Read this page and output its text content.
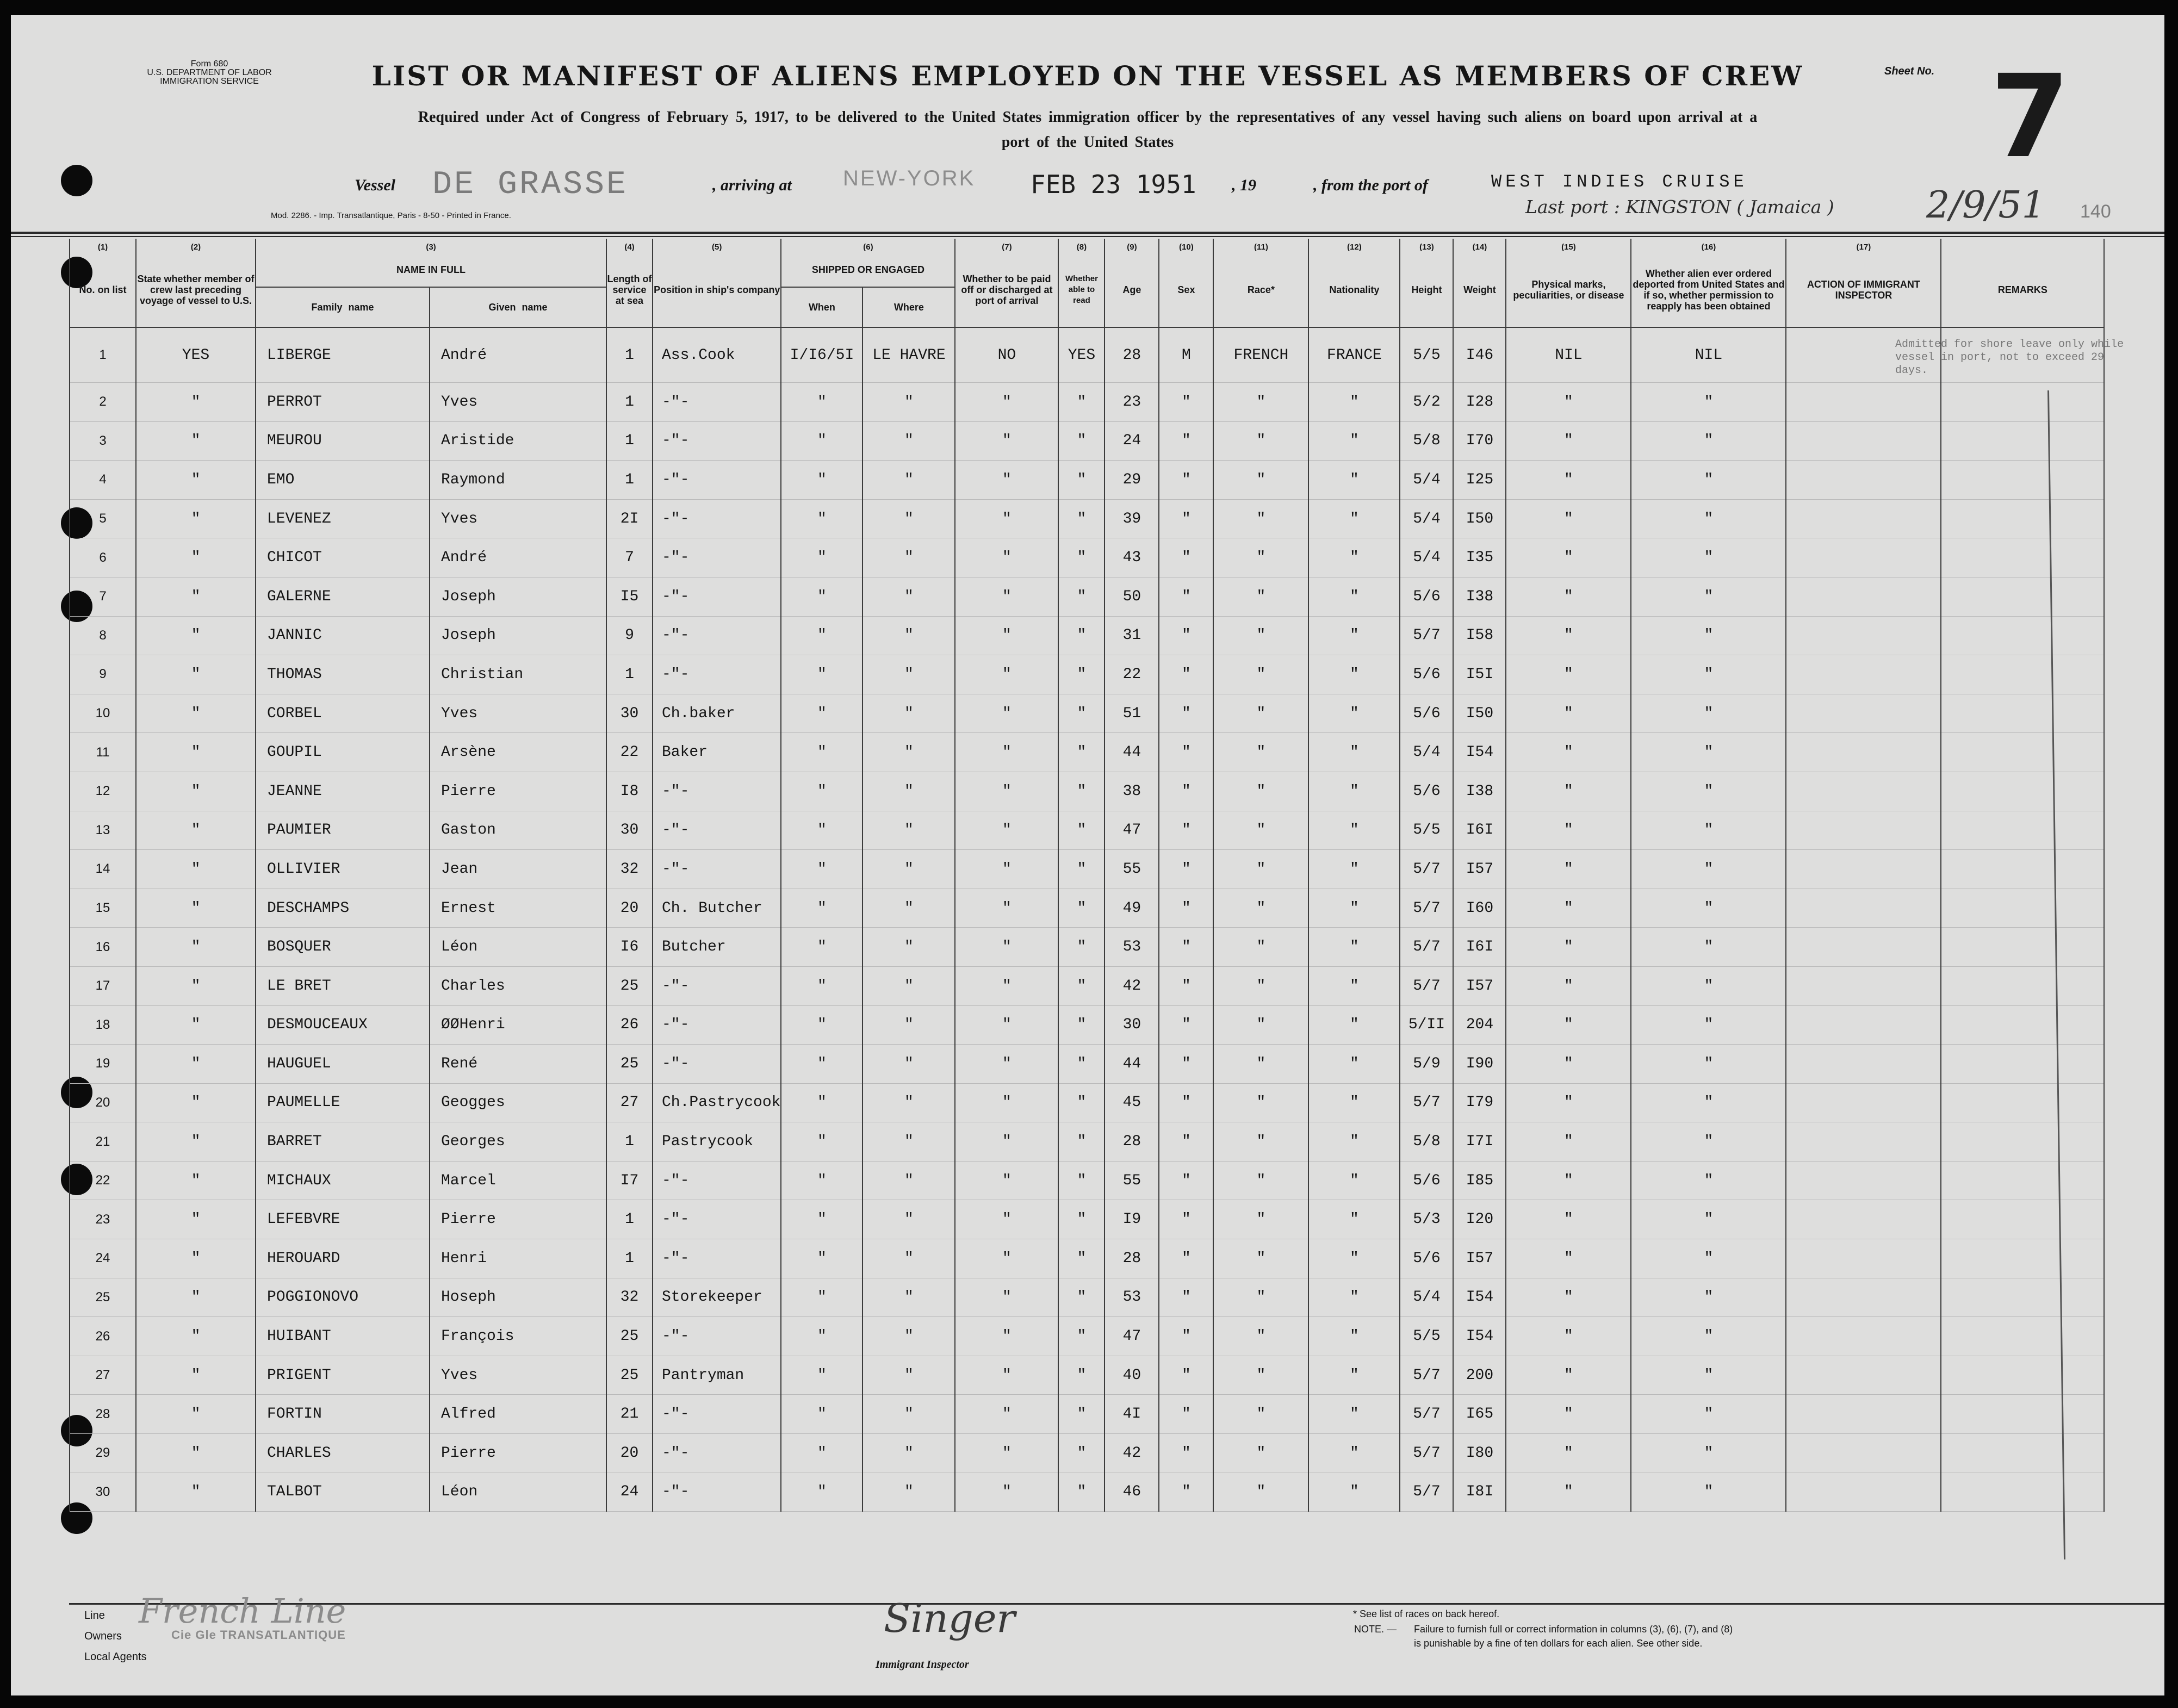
Form 680
U.S. DEPARTMENT OF LABOR
IMMIGRATION SERVICE	LIST OR MANIFEST OF ALIENS EMPLOYED ON THE VESSEL AS MEMBERS OF CREW
Required under Act of Congress of February 5, 1917, to be delivered to the United States immigration officer by the representatives of any vessel having such aliens on board upon arrival at a
port of the United States
Sheet No. 7
140
Vessel DE GRASSE	, arriving at NEW-YORK FEB 23 1951 , 19	, from the port of	WEST INDIES CRUISE
Last port : KINGSTON ( Jamaica ) 2/9/51
Mod. 2286. - Imp. Transatlantique, Paris - 8-50 - Printed in France.
(1)	(2)	(3)		(4)	(5)	(6)		(7)	(8)	(9)	(10)	(11)	(12)	(13)	(14)	(15)	(16)	(17)	
No. on list	State whether member of crew last preceding voyage of vessel to U.S.	NAME IN FULL		Length of service at sea	Position in ship's company	SHIPPED OR ENGAGED		Whether to be paid off or discharged at port of arrival	Whether able to read	Age	Sex	Race*	Nationality	Height	Weight	Physical marks, peculiarities, or disease	Whether alien ever ordered deported from United States and if so, whether permission to reapply has been obtained	ACTION OF IMMIGRANT INSPECTOR	REMARKS
		Family name	Given name			When	Where												
1	YES	LIBERGE	André	1	Ass.Cook	I/I6/5I	LE HAVRE	NO	YES	28	M	FRENCH	FRANCE	5/5	I46	NIL	NIL		
2	"	PERROT	Yves	1	-"-	"	"	"	"	23	"	"	"	5/2	I28	"	"		
3	"	MEUROU	Aristide	1	-"-	"	"	"	"	24	"	"	"	5/8	I70	"	"		
4	"	EMO	Raymond	1	-"-	"	"	"	"	29	"	"	"	5/4	I25	"	"		
5	"	LEVENEZ	Yves	2I	-"-	"	"	"	"	39	"	"	"	5/4	I50	"	"		
6	"	CHICOT	André	7	-"-	"	"	"	"	43	"	"	"	5/4	I35	"	"		
7	"	GALERNE	Joseph	I5	-"-	"	"	"	"	50	"	"	"	5/6	I38	"	"		
8	"	JANNIC	Joseph	9	-"-	"	"	"	"	31	"	"	"	5/7	I58	"	"		
9	"	THOMAS	Christian	1	-"-	"	"	"	"	22	"	"	"	5/6	I5I	"	"		
10	"	CORBEL	Yves	30	Ch.baker	"	"	"	"	51	"	"	"	5/6	I50	"	"		
11	"	GOUPIL	Arsène	22	Baker	"	"	"	"	44	"	"	"	5/4	I54	"	"		
12	"	JEANNE	Pierre	I8	-"-	"	"	"	"	38	"	"	"	5/6	I38	"	"		
13	"	PAUMIER	Gaston	30	-"-	"	"	"	"	47	"	"	"	5/5	I6I	"	"		
14	"	OLLIVIER	Jean	32	-"-	"	"	"	"	55	"	"	"	5/7	I57	"	"		
15	"	DESCHAMPS	Ernest	20	Ch. Butcher	"	"	"	"	49	"	"	"	5/7	I60	"	"		
16	"	BOSQUER	Léon	I6	Butcher	"	"	"	"	53	"	"	"	5/7	I6I	"	"		
17	"	LE BRET	Charles	25	-"-	"	"	"	"	42	"	"	"	5/7	I57	"	"		
18	"	DESMOUCEAUX	ØØHenri	26	-"-	"	"	"	"	30	"	"	"	5/II	204	"	"		
19	"	HAUGUEL	René	25	-"-	"	"	"	"	44	"	"	"	5/9	I90	"	"		
20	"	PAUMELLE	Geogges	27	Ch.Pastrycook	"	"	"	"	45	"	"	"	5/7	I79	"	"		
21	"	BARRET	Georges	1	Pastrycook	"	"	"	"	28	"	"	"	5/8	I7I	"	"		
22	"	MICHAUX	Marcel	I7	-"-	"	"	"	"	55	"	"	"	5/6	I85	"	"		
23	"	LEFEBVRE	Pierre	1	-"-	"	"	"	"	I9	"	"	"	5/3	I20	"	"		
24	"	HEROUARD	Henri	1	-"-	"	"	"	"	28	"	"	"	5/6	I57	"	"		
25	"	POGGIONOVO	Hoseph	32	Storekeeper	"	"	"	"	53	"	"	"	5/4	I54	"	"		
26	"	HUIBANT	François	25	-"-	"	"	"	"	47	"	"	"	5/5	I54	"	"		
27	"	PRIGENT	Yves	25	Pantryman	"	"	"	"	40	"	"	"	5/7	200	"	"		
28	"	FORTIN	Alfred	21	-"-	"	"	"	"	4I	"	"	"	5/7	I65	"	"		
29	"	CHARLES	Pierre	20	-"-	"	"	"	"	42	"	"	"	5/7	I80	"	"		
30	"	TALBOT	Léon	24	-"-	"	"	"	"	46	"	"	"	5/7	I8I	"	"		
Admitted for shore leave only while vessel in port, not to exceed 29 days.
Line
Owners
Local Agents
French Line
Cie Gle TRANSATLANTIQUE	Singer
Immigrant Inspector
* See list of races on back hereof.
NOTE. — Failure to furnish full or correct information in columns (3), (6), (7), and (8)
is punishable by a fine of ten dollars for each alien. See other side.
